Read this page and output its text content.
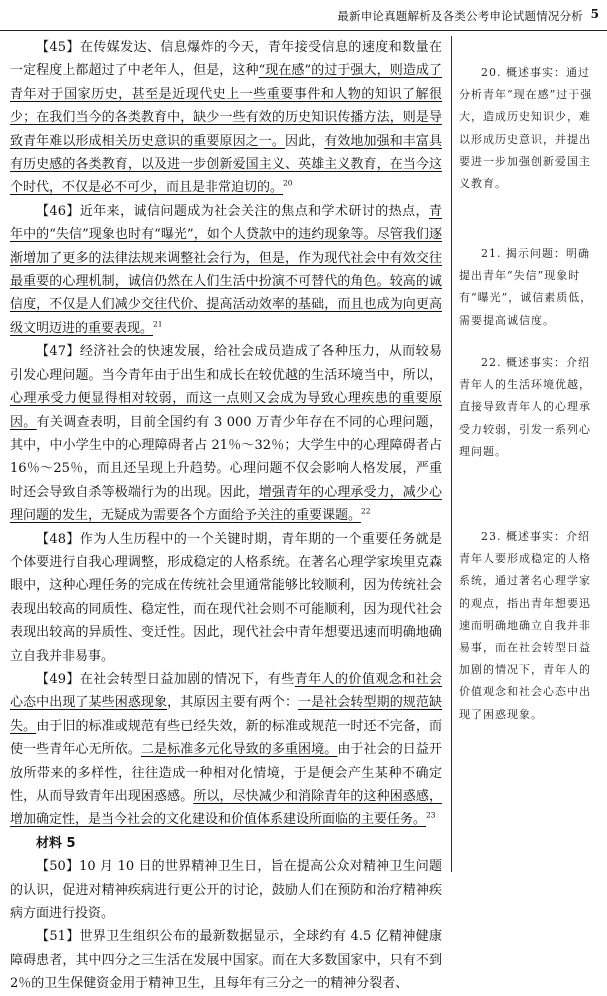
最新申论真题解析及各类公考申论试题情况分析 5

【45】在传媒发达、信息爆炸的今天，青年接受信息的速度和数量在一定程度上都超过了中老年人，但是，这种“现在感”的过于强大，则造成了青年对于国家历史，甚至是近现代史上一些重要事件和人物的知识了解很少；在我们当今的各类教育中，缺少一些有效的历史知识传播方法，则是导致青年难以形成相关历史意识的重要原因之一。因此，有效地加强和丰富具有历史感的各类教育，以及进一步创新爱国主义、英雄主义教育，在当今这个时代，不仅是必不可少，而且是非常迫切的。$^{20}$

【46】近年来，诚信问题成为社会关注的焦点和学术研讨的热点，青年中的“失信”现象也时有“曝光”，如个人贷款中的违约现象等。尽管我们逐渐增加了更多的法律法规来调整社会行为，但是，作为现代社会中有效交往最重要的心理机制，诚信仍然在人们生活中扮演不可替代的角色。较高的诚信度，不仅是人们减少交往代价、提高活动效率的基础，而且也成为向更高级文明迈进的重要表现。$^{21}$

【47】经济社会的快速发展，给社会成员造成了各种压力，从而较易引发心理问题。当今青年由于出生和成长在较优越的生活环境当中，所以，心理承受力便显得相对较弱，而这一点则又会成为导致心理疾患的重要原因。有关调查表明，目前全国约有 3 000 万青少年存在不同的心理问题，其中，中小学生中的心理障碍者占 21％～32％；大学生中的心理障碍者占 16％～25％，而且还呈现上升趋势。心理问题不仅会影响人格发展，严重时还会导致自杀等极端行为的出现。因此，增强青年的心理承受力，减少心理问题的发生，无疑成为需要各个方面给予关注的重要课题。$^{22}$

【48】作为人生历程中的一个关键时期，青年期的一个重要任务就是个体要进行自我心理调整，形成稳定的人格系统。在著名心理学家埃里克森眼中，这种心理任务的完成在传统社会里通常能够比较顺利，因为传统社会表现出较高的同质性、稳定性，而在现代社会则不可能顺利，因为现代社会表现出较高的异质性、变迁性。因此，现代社会中青年想要迅速而明确地确立自我并非易事。

【49】在社会转型日益加剧的情况下，有些青年人的价值观念和社会心态中出现了某些困惑现象，其原因主要有两个：一是社会转型期的规范缺失。由于旧的标准或规范有些已经失效，新的标准或规范一时还不完备，而使一些青年心无所依。二是标准多元化导致的多重困境。由于社会的日益开放所带来的多样性，往往造成一种相对化情境，于是便会产生某种不确定性，从而导致青年出现困惑感。所以，尽快减少和消除青年的这种困惑感，增加确定性，是当今社会的文化建设和价值体系建设所面临的主要任务。$^{23}$

材料 5

【50】10 月 10 日的世界精神卫生日，旨在提高公众对精神卫生问题的认识，促进对精神疾病进行更公开的讨论，鼓励人们在预防和治疗精神疾病方面进行投资。

【51】世界卫生组织公布的最新数据显示，全球约有 4.5 亿精神健康障碍患者，其中四分之三生活在发展中国家。而在大多数国家中，只有不到 2％的卫生保健资金用于精神卫生，且每年有三分之一的精神分裂者、

20. 概述事实：通过分析青年“现在感”过于强大，造成历史知识少，难以形成历史意识，并提出要进一步加强创新爱国主义教育。

21. 揭示问题：明确提出青年“失信”现象时有“曝光”，诚信素质低，需要提高诚信度。

22. 概述事实：介绍青年人的生活环境优越，直接导致青年人的心理承受力较弱，引发一系列心理问题。

23. 概述事实：介绍青年人要形成稳定的人格系统，通过著名心理学家的观点，指出青年想要迅速而明确地确立自我并非易事，而在社会转型日益加剧的情况下，青年人的价值观念和社会心态中出现了困惑现象。
